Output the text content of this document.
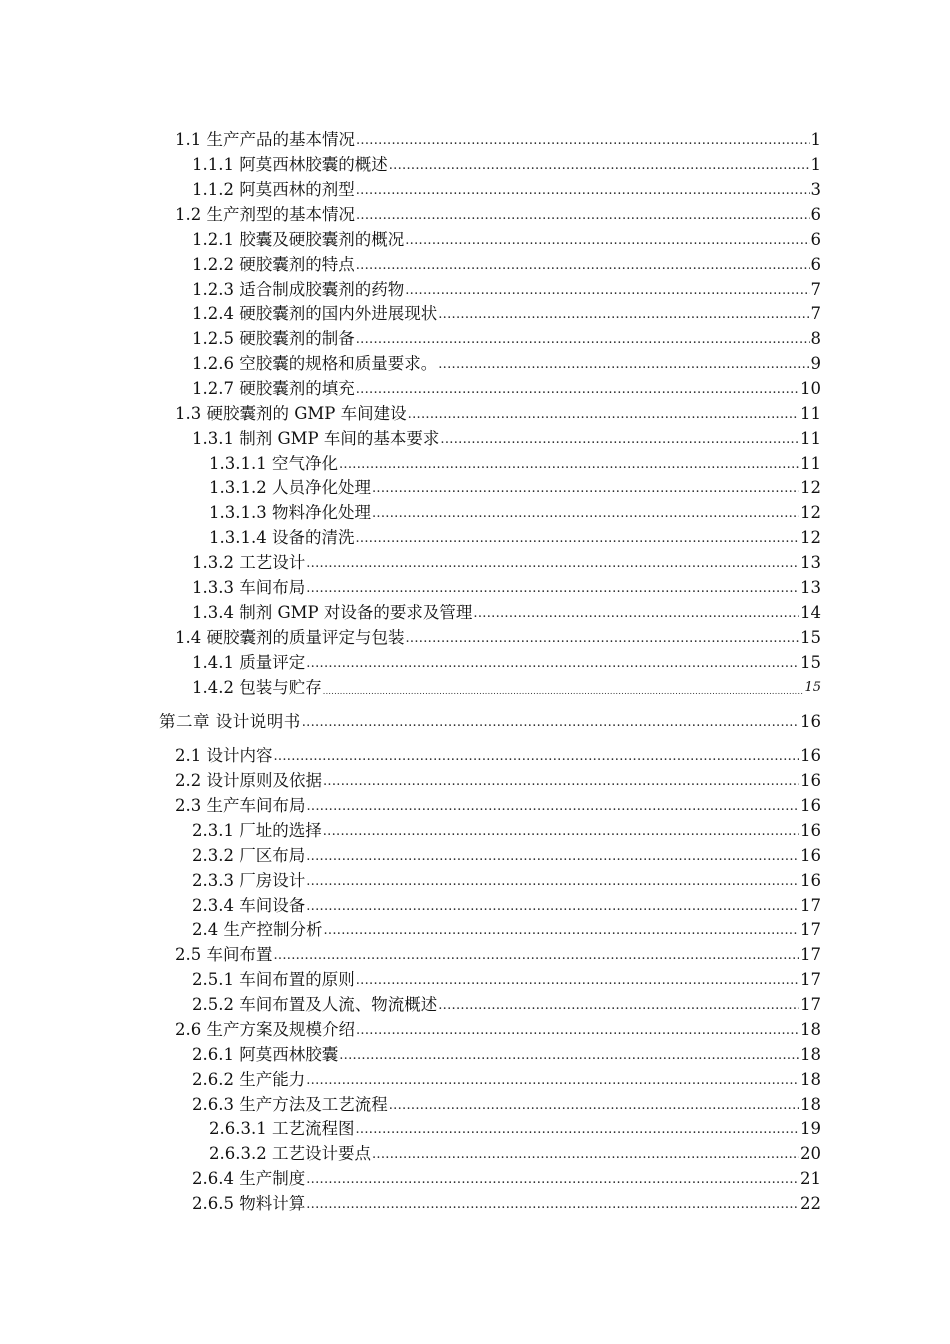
1.1 生产产品的基本情况 .....	1
1.1.1 阿莫西林胶囊的概述 .....	1
1.1.2 阿莫西林的剂型 .....	3
1.2 生产剂型的基本情况 .....	6
1.2.1 胶囊及硬胶囊剂的概况 .....	6
1.2.2 硬胶囊剂的特点 .....	6
1.2.3 适合制成胶囊剂的药物 .....	7
1.2.4 硬胶囊剂的国内外进展现状 .....	7
1.2.5 硬胶囊剂的制备 .....	8
1.2.6 空胶囊的规格和质量要求。 .....	9
1.2.7 硬胶囊剂的填充 .....	10
1.3 硬胶囊剂的 GMP 车间建设 .....	11
1.3.1 制剂 GMP 车间的基本要求 .....	11
1.3.1.1 空气净化 .....	11
1.3.1.2 人员净化处理 .....	12
1.3.1.3 物料净化处理 .....	12
1.3.1.4 设备的清洗 .....	12
1.3.2 工艺设计 .....	13
1.3.3 车间布局 .....	13
1.3.4 制剂 GMP 对设备的要求及管理 .....	14
1.4 硬胶囊剂的质量评定与包装 .....	15
1.4.1 质量评定 .....	15
1.4.2 包装与贮存 .....	15
第二章 设计说明书 .....	16
2.1 设计内容 .....	16
2.2 设计原则及依据 .....	16
2.3 生产车间布局 .....	16
2.3.1 厂址的选择 .....	16
2.3.2 厂区布局 .....	16
2.3.3 厂房设计 .....	16
2.3.4 车间设备 .....	17
2.4 生产控制分析 .....	17
2.5 车间布置 .....	17
2.5.1 车间布置的原则 .....	17
2.5.2 车间布置及人流、物流概述 .....	17
2.6 生产方案及规模介绍 .....	18
2.6.1 阿莫西林胶囊 .....	18
2.6.2 生产能力 .....	18
2.6.3 生产方法及工艺流程 .....	18
2.6.3.1 工艺流程图 .....	19
2.6.3.2 工艺设计要点 .....	20
2.6.4 生产制度 .....	21
2.6.5 物料计算 .....	22
